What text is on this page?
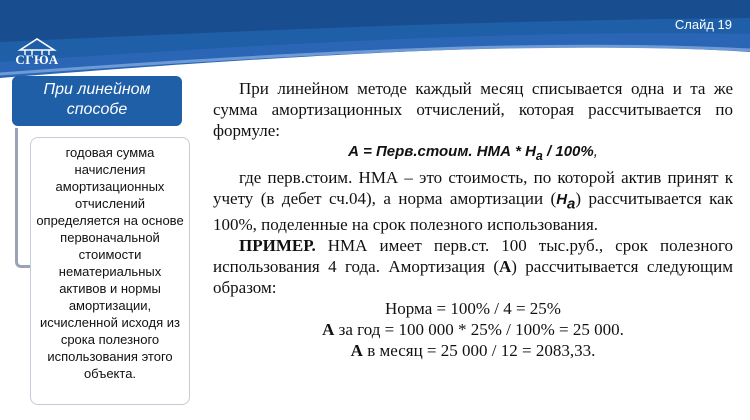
Слайд 19
СГЮА
При линейном
способе
годовая сумма начисления амортизационных отчислений определяется на основе первоначальной стоимости нематериальных активов и нормы амортизации, исчисленной исходя из срока полезного использования этого объекта.

При линейном методе каждый месяц списывается одна и та же сумма амортизационных отчислений, которая рассчитывается по формуле:

А = Перв.стоим. НМА * $Н_а / 100\%$,

где перв.стоим. НМА – это стоимость, по которой актив принят к учету (в дебет сч.04), а норма амортизации $(Н_а)$ рассчитывается как 100%, поделенные на срок полезного использования.

ПРИМЕР. НМА имеет перв.ст. 100 тыс.руб., срок полезного использования 4 года. Амортизация (А) рассчитывается следующим образом:

Норма = 100% / 4 = 25%

А за год = 100 000 * 25% / 100% = 25 000.

А в месяц = 25 000 / 12 = 2083,33.
